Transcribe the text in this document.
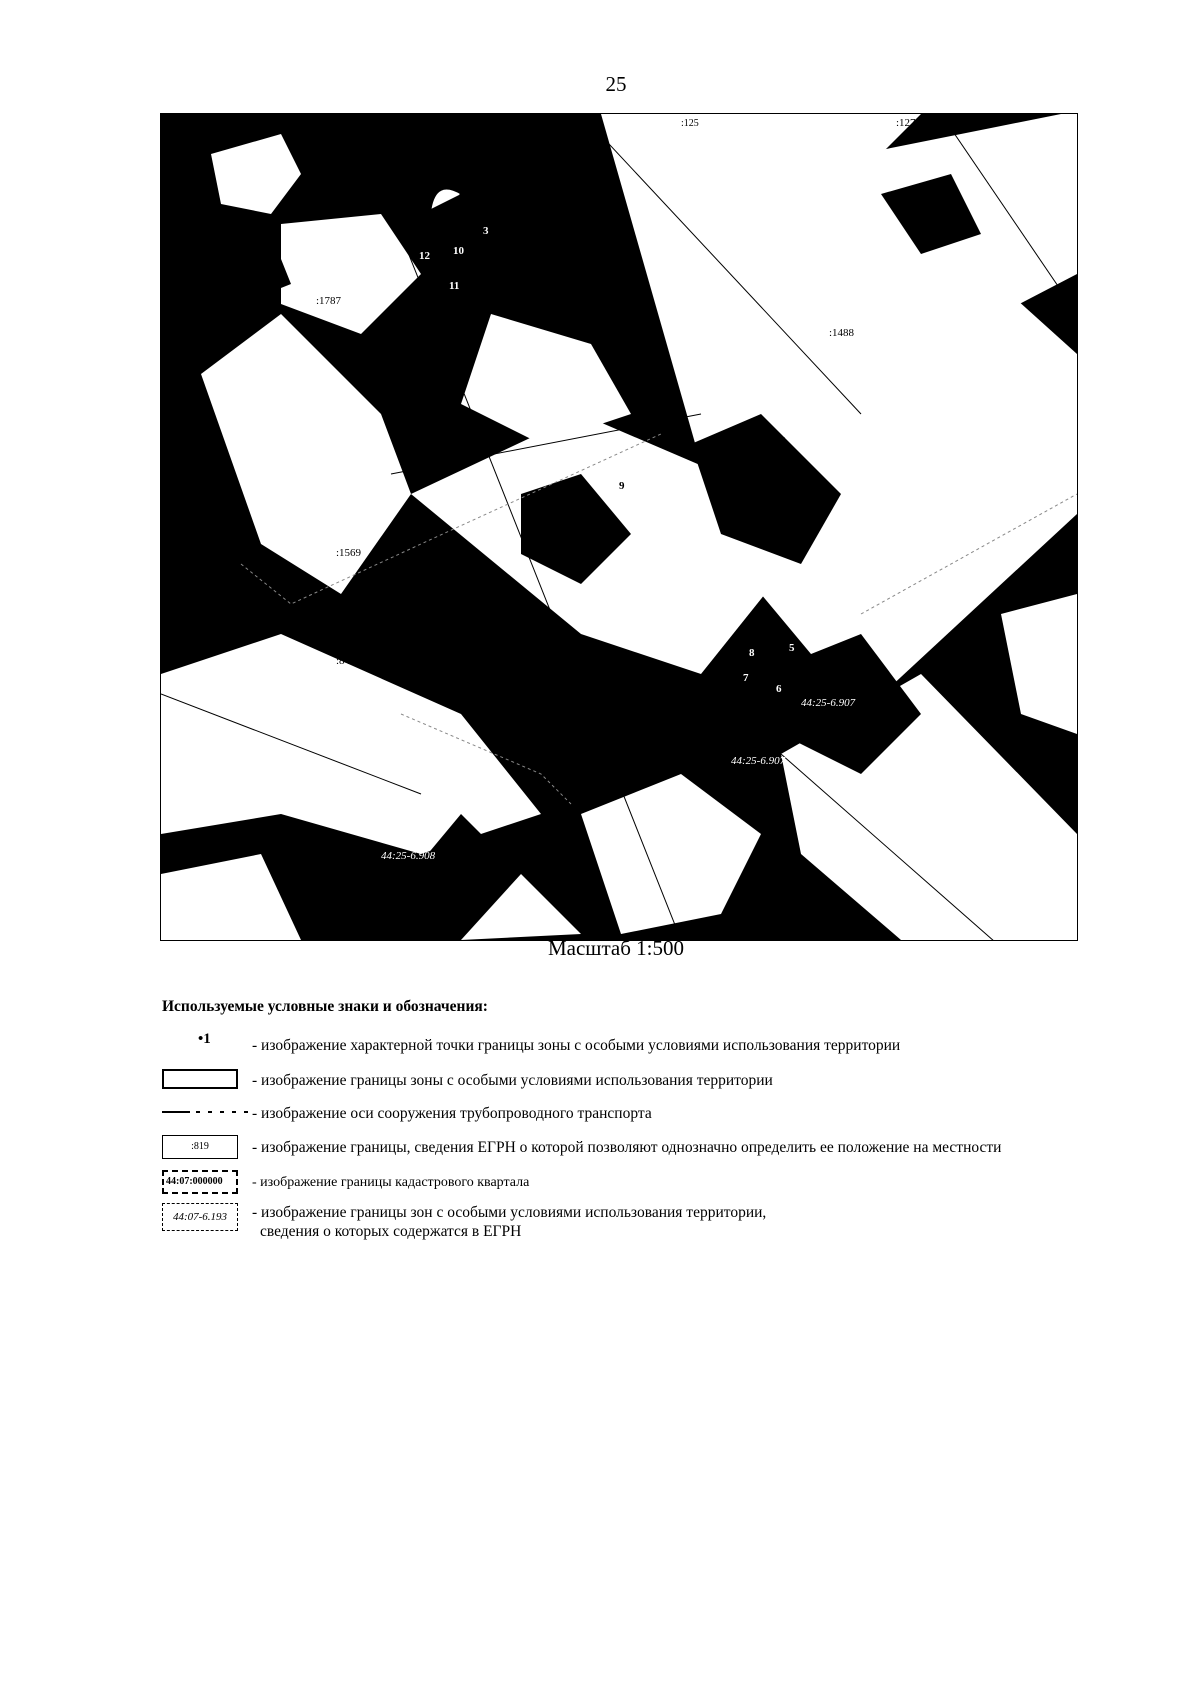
25
:125	:127
:1787
:1488
:1569
:84
:1568
:123
1
2
3
4
5
6
7
8
9
10
11
12
13
44:00-6.498
44:25-6.500
44:25-6.907
44:25-6.907
44:25-6.908
44:25:
Масштаб 1:500
Используемые условные знаки и обозначения:
•1	- изображение характерной точки границы зоны с особыми условиями использования территории
- изображение границы зоны с особыми условиями использования территории
- изображение оси сооружения трубопроводного транспорта
:819	- изображение границы, сведения ЕГРН о которой позволяют однозначно определить ее положение на местности
44:07:000000	- изображение границы кадастрового квартала
44:07-6.193	- изображение границы зон с особыми условиями использования территории,
сведения о которых содержатся в ЕГРН
